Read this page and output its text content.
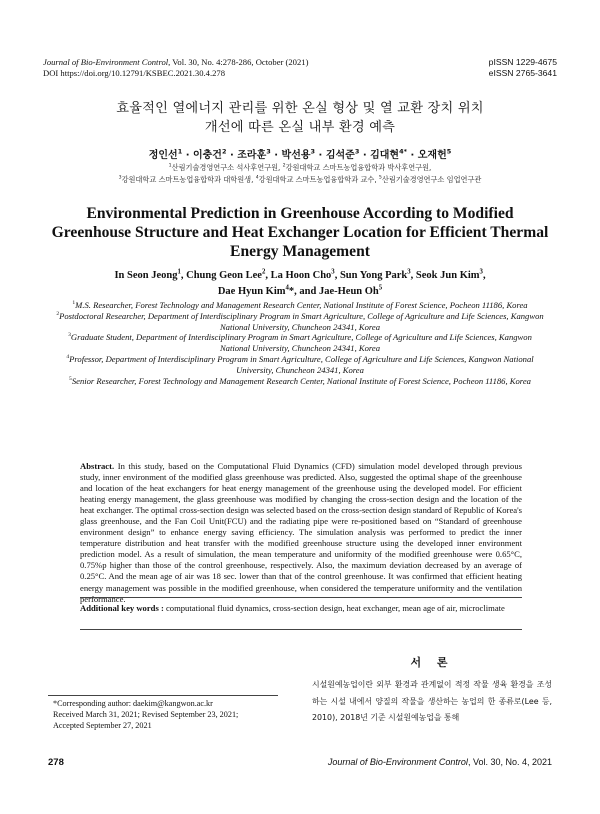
Journal of Bio-Environment Control, Vol. 30, No. 4:278-286, October (2021)
DOI https://doi.org/10.12791/KSBEC.2021.30.4.278
pISSN 1229-4675
eISSN 2765-3641
효율적인 열에너지 관리를 위한 온실 형상 및 열 교환 장치 위치
개선에 따른 온실 내부 환경 예측
정인선$^1$ · 이충건$^2$ · 조라훈$^3$ · 박선용$^3$ · 김석준$^3$ · 김대현$^{4*}$ · 오재헌$^5$
$^1$산림기술경영연구소 석사후연구원, $^2$강원대학교 스마트농업융합학과 박사후연구원,
$^3$강원대학교 스마트농업융합학과 대학원생, $^4$강원대학교 스마트농업융합학과 교수, $^5$산림기술경영연구소 임업연구관
Environmental Prediction in Greenhouse According to Modified
Greenhouse Structure and Heat Exchanger Location for Efficient Thermal
Energy Management
In Seon Jeong$^1$, Chung Geon Lee$^2$, La Hoon Cho$^3$, Sun Yong Park$^3$, Seok Jun Kim$^3$,
Dae Hyun Kim$^4$*, and Jae-Heun Oh$^5$
$^1$M.S. Researcher, Forest Technology and Management Research Center, National Institute of Forest Science, Pocheon 11186, Korea
$^2$Postdoctoral Researcher, Department of Interdisciplinary Program in Smart Agriculture, College of Agriculture and Life Sciences, Kangwon National University, Chuncheon 24341, Korea
$^3$Graduate Student, Department of Interdisciplinary Program in Smart Agriculture, College of Agriculture and Life Sciences, Kangwon National University, Chuncheon 24341, Korea
$^4$Professor, Department of Interdisciplinary Program in Smart Agriculture, College of Agriculture and Life Sciences, Kangwon National University, Chuncheon 24341, Korea
$^5$Senior Researcher, Forest Technology and Management Research Center, National Institute of Forest Science, Pocheon 11186, Korea
Abstract. In this study, based on the Computational Fluid Dynamics (CFD) simulation model developed through previous study, inner environment of the modified glass greenhouse was predicted. Also, suggested the optimal shape of the greenhouse and location of the heat exchangers for heat energy management of the greenhouse using the developed model. For efficient heating energy management, the glass greenhouse was modified by changing the cross-section design and the location of the heat exchanger. The optimal cross-section design was selected based on the cross-section design standard of Republic of Korea's glass greenhouse, and the Fan Coil Unit(FCU) and the radiating pipe were re-positioned based on “Standard of greenhouse environment design” to enhance energy saving efficiency. The simulation analysis was performed to predict the inner temperature distribution and heat transfer with the modified greenhouse structure using the developed inner environment prediction model. As a result of simulation, the mean temperature and uniformity of the modified greenhouse were 0.65°C, 0.75%p higher than those of the control greenhouse, respectively. Also, the maximum deviation decreased by an average of 0.25°C. And the mean age of air was 18 sec. lower than that of the control greenhouse. It was confirmed that efficient heating energy management was possible in the modified greenhouse, when considered the temperature uniformity and the ventilation performance.
Additional key words : computational fluid dynamics, cross-section design, heat exchanger, mean age of air, microclimate
서 론
시설원예농업이란 외부 환경과 관계없이 적정 작물 생육 환경을 조성하는 시설 내에서 양질의 작물을 생산하는 농업의 한 종류로(Lee 등, 2010), 2018년 기준 시설원예농업을 통해
*Corresponding author: daekim@kangwon.ac.kr
Received March 31, 2021; Revised September 23, 2021;
Accepted September 27, 2021
278	Journal of Bio-Environment Control, Vol. 30, No. 4, 2021
